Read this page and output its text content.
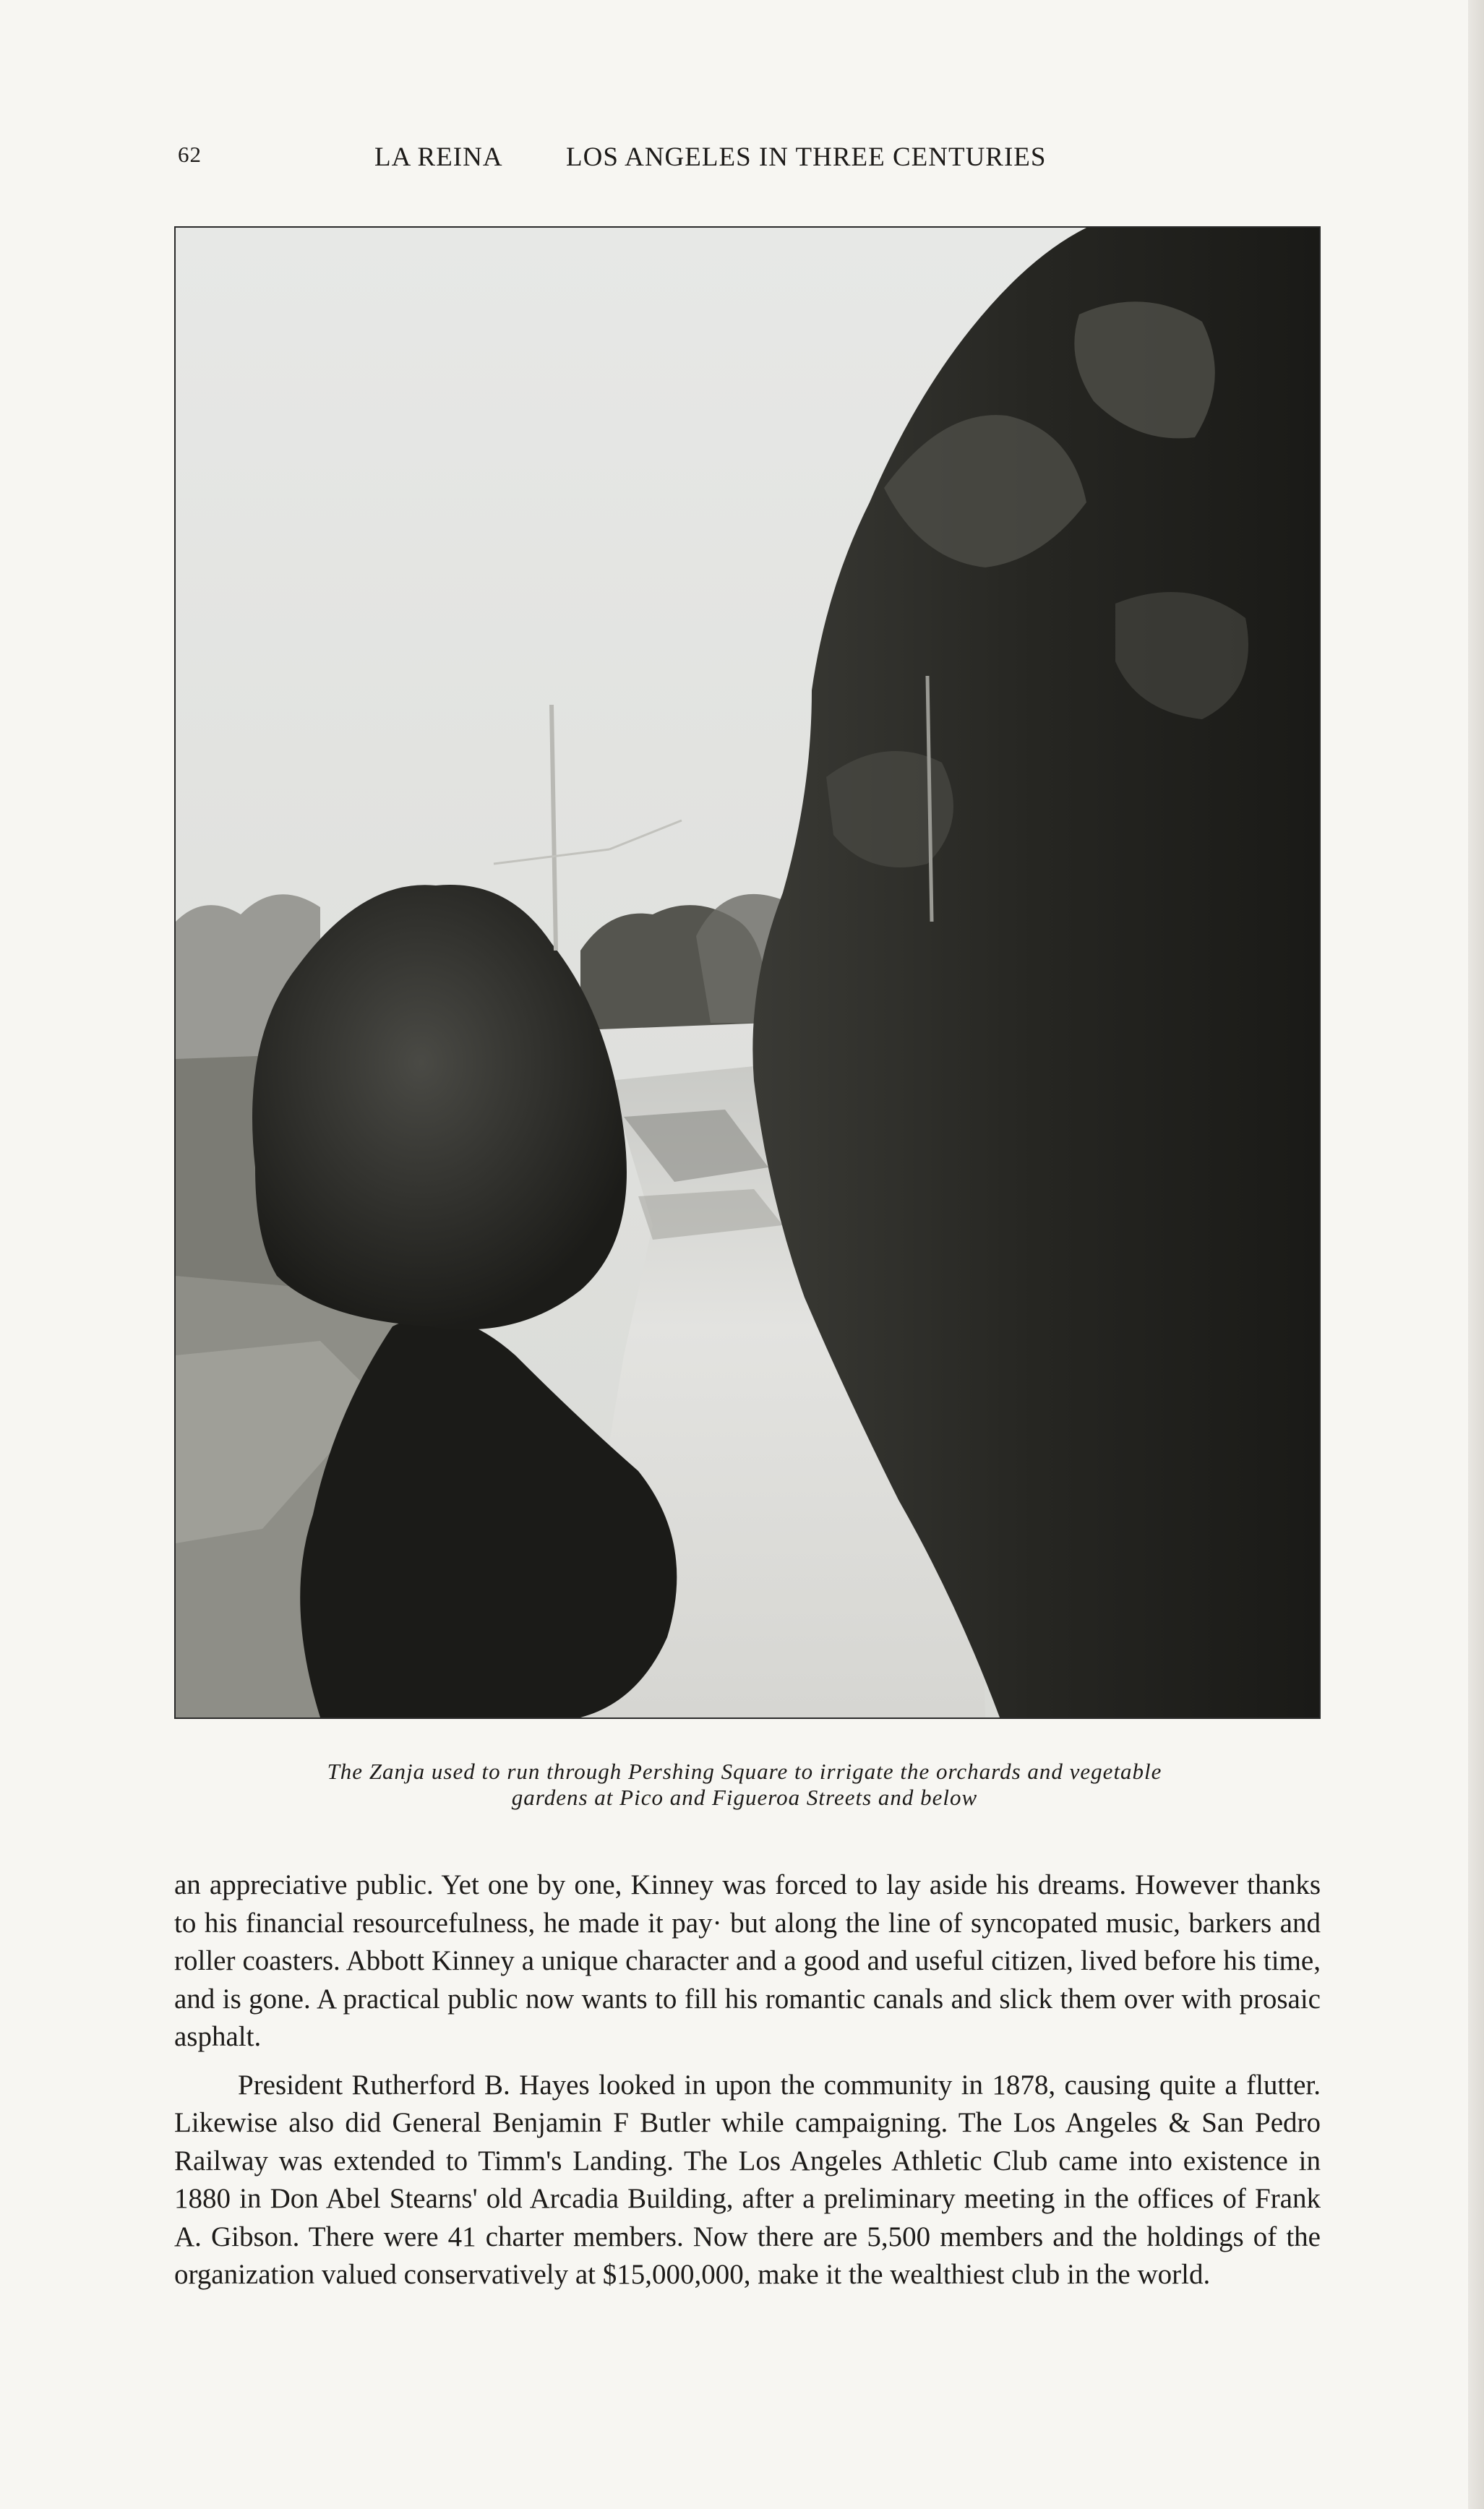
62	LA REINA LOS ANGELES IN THREE CENTURIES
The Zanja used to run through Pershing Square to irrigate the orchards and vegetable
gardens at Pico and Figueroa Streets and below

an appreciative public. Yet one by one, Kinney was forced to lay aside his dreams. However thanks to his financial resourcefulness, he made it pay· but along the line of syncopated music, barkers and roller coasters. Abbott Kinney a unique character and a good and useful citizen, lived before his time, and is gone. A practical public now wants to fill his romantic canals and slick them over with prosaic asphalt.

President Rutherford B. Hayes looked in upon the community in 1878, causing quite a flutter. Likewise also did General Benjamin F Butler while campaigning. The Los Angeles & San Pedro Railway was extended to Timm's Landing. The Los Angeles Athletic Club came into existence in 1880 in Don Abel Stearns' old Arcadia Building, after a preliminary meeting in the offices of Frank A. Gibson. There were 41 charter members. Now there are 5,500 members and the holdings of the organization valued conservatively at $15,000,000, make it the wealthiest club in the world.
